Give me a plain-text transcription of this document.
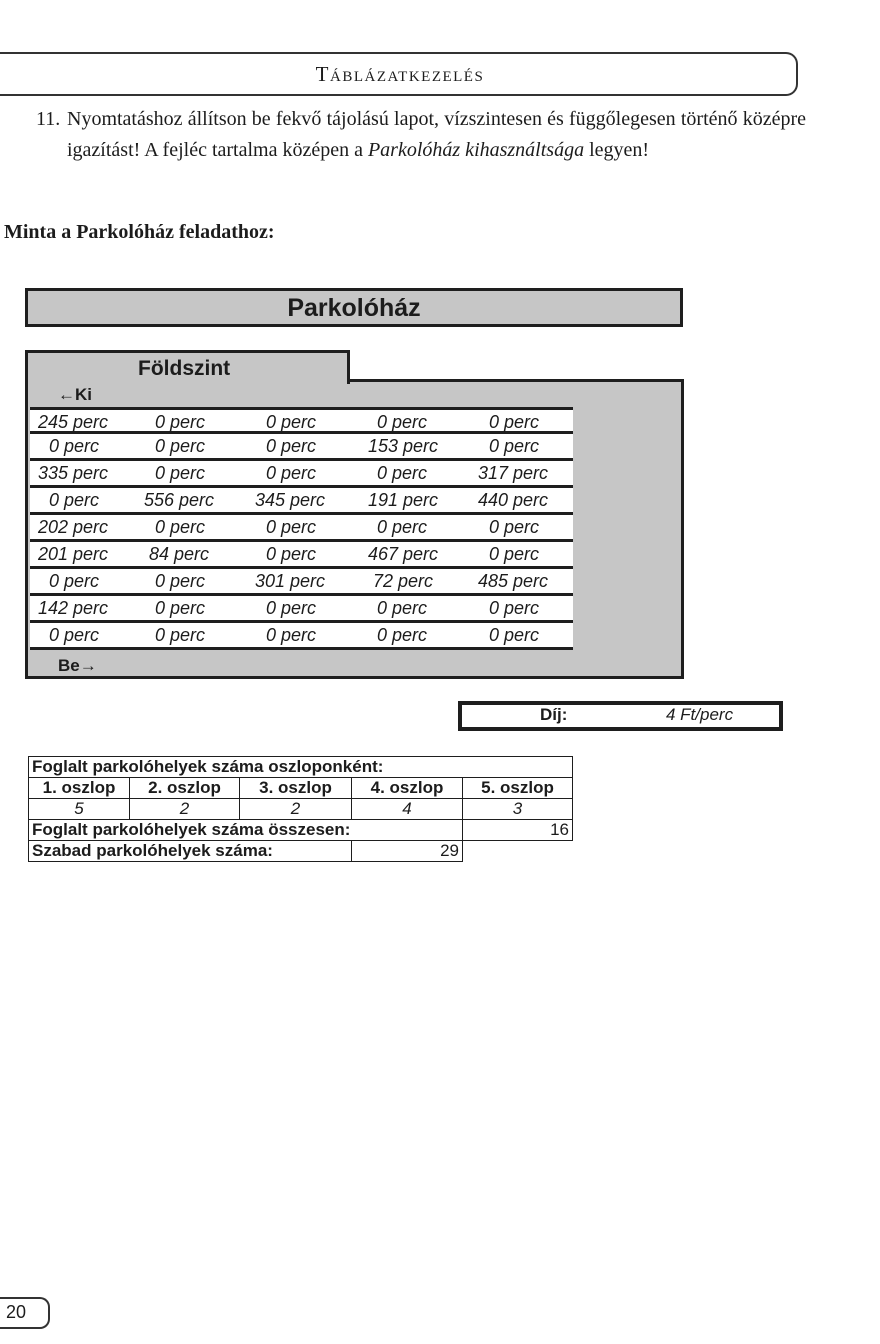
Táblázatkezelés
11. Nyomtatáshoz állítson be fekvő tájolású lapot, vízszintesen és függőlegesen történő középre igazítást! A fejléc tartalma középen a Parkolóház kihasználtsága legyen!
Minta a Parkolóház feladathoz:
Parkolóház
Földszint
←Ki
245 perc	0 perc	0 perc	0 perc	0 perc
0 perc	0 perc	0 perc	153 perc	0 perc
335 perc	0 perc	0 perc	0 perc	317 perc
0 perc 556 perc 345 perc 191 perc 440 perc
202 perc	0 perc	0 perc	0 perc	0 perc
201 perc 84 perc	0 perc	467 perc	0 perc
0 perc	0 perc	301 perc	72 perc 485 perc
142 perc	0 perc	0 perc	0 perc	0 perc
0 perc	0 perc	0 perc	0 perc	0 perc
Be→
Díj:	4 Ft/perc
Foglalt parkolóhelyek száma oszloponként:				
1. oszlop	2. oszlop	3. oszlop	4. oszlop	5. oszlop
5	2	2	4	3
Foglalt parkolóhelyek száma összesen:				16
Szabad parkolóhelyek száma:			29	
20
